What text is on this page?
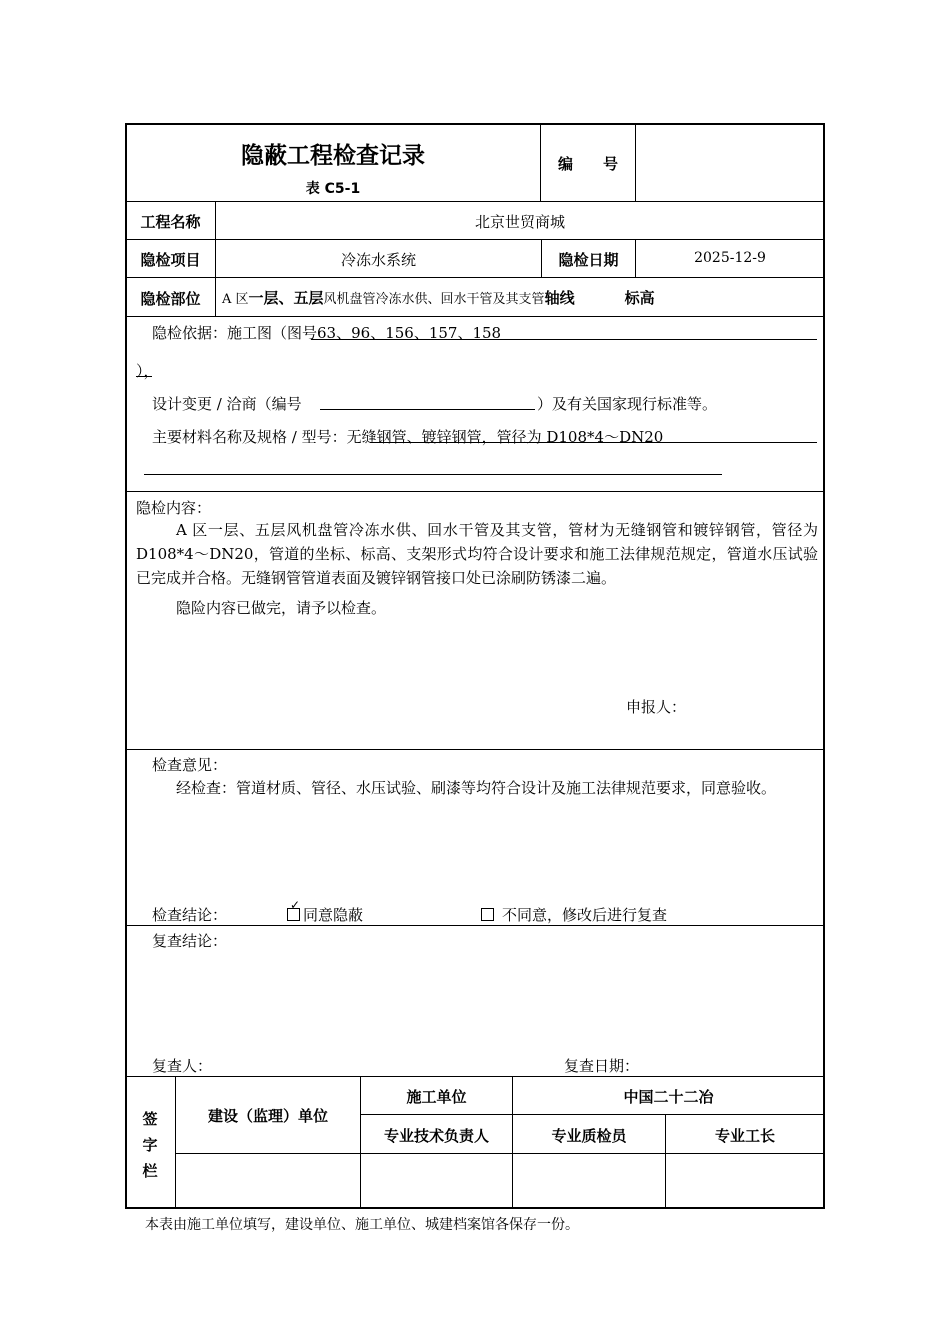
隐蔽工程检查记录
表 C5-1
编　　号
工程名称	北京世贸商城
隐检项目	冷冻水系统	隐检日期	2025-12-9
隐检部位	A 区一层、五层风机盘管冷冻水供、回水干管及其支管轴线	标高
隐检依据：施工图（图号63、96、156、157、158
），
设计变更 / 洽商（编号	）及有关国家现行标准等。
主要材料名称及规格 / 型号：无缝钢管、镀锌钢管，管径为 D108*4～DN20
隐检内容：
A 区一层、五层风机盘管冷冻水供、回水干管及其支管，管材为无缝钢管和镀锌钢管，管径为 D108*4～DN20，管道的坐标、标高、支架形式均符合设计要求和施工法律规范规定，管道水压试验已完成并合格。无缝钢管管道表面及镀锌钢管接口处已涂刷防锈漆二遍。
隐险内容已做完，请予以检查。
申报人：
检查意见：
经检查：管道材质、管径、水压试验、刷漆等均符合设计及施工法律规范要求，同意验收。
检查结论：
✓
同意隐蔽	不同意，修改后进行复查
复查结论：
复查人：	复查日期：
签字栏
建设（监理）单位
施工单位	中国二十二冶
专业技术负责人	专业质检员	专业工长
本表由施工单位填写，建设单位、施工单位、城建档案馆各保存一份。
